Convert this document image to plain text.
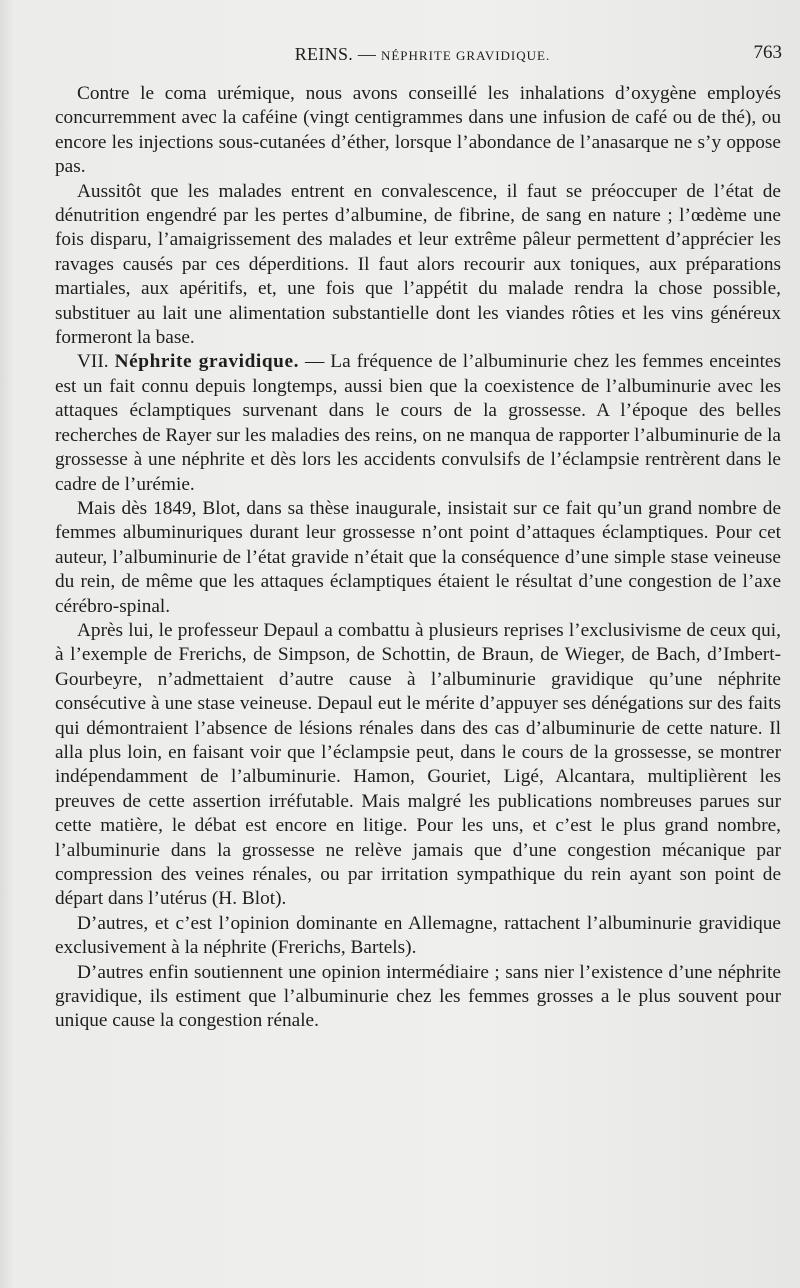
REINS. — NÉPHRITE GRAVIDIQUE.	763

Contre le coma urémique, nous avons conseillé les inhalations d’oxygène employés concurremment avec la caféine (vingt centigrammes dans une infusion de café ou de thé), ou encore les injections sous-cutanées d’éther, lorsque l’abondance de l’anasarque ne s’y oppose pas.

Aussitôt que les malades entrent en convalescence, il faut se préoccuper de l’état de dénutrition engendré par les pertes d’albumine, de fibrine, de sang en nature ; l’œdème une fois disparu, l’amaigrissement des malades et leur extrême pâleur permettent d’apprécier les ravages causés par ces déperditions. Il faut alors recourir aux toniques, aux préparations martiales, aux apéritifs, et, une fois que l’appétit du malade rendra la chose possible, substituer au lait une alimentation substantielle dont les viandes rôties et les vins généreux formeront la base.

VII. Néphrite gravidique. — La fréquence de l’albuminurie chez les femmes enceintes est un fait connu depuis longtemps, aussi bien que la coexistence de l’albuminurie avec les attaques éclamptiques survenant dans le cours de la grossesse. A l’époque des belles recherches de Rayer sur les maladies des reins, on ne manqua de rapporter l’albuminurie de la grossesse à une néphrite et dès lors les accidents convulsifs de l’éclampsie rentrèrent dans le cadre de l’urémie.

Mais dès 1849, Blot, dans sa thèse inaugurale, insistait sur ce fait qu’un grand nombre de femmes albuminuriques durant leur grossesse n’ont point d’attaques éclamptiques. Pour cet auteur, l’albuminurie de l’état gravide n’était que la conséquence d’une simple stase veineuse du rein, de même que les attaques éclamptiques étaient le résultat d’une congestion de l’axe cérébro-spinal.

Après lui, le professeur Depaul a combattu à plusieurs reprises l’exclusivisme de ceux qui, à l’exemple de Frerichs, de Simpson, de Schottin, de Braun, de Wieger, de Bach, d’Imbert-Gourbeyre, n’admettaient d’autre cause à l’albuminurie gravidique qu’une néphrite consécutive à une stase veineuse. Depaul eut le mérite d’appuyer ses dénégations sur des faits qui démontraient l’absence de lésions rénales dans des cas d’albuminurie de cette nature. Il alla plus loin, en faisant voir que l’éclampsie peut, dans le cours de la grossesse, se montrer indépendamment de l’albuminurie. Hamon, Gouriet, Ligé, Alcantara, multiplièrent les preuves de cette assertion irréfutable. Mais malgré les publications nombreuses parues sur cette matière, le débat est encore en litige. Pour les uns, et c’est le plus grand nombre, l’albuminurie dans la grossesse ne relève jamais que d’une congestion mécanique par compression des veines rénales, ou par irritation sympathique du rein ayant son point de départ dans l’utérus (H. Blot).

D’autres, et c’est l’opinion dominante en Allemagne, rattachent l’albuminurie gravidique exclusivement à la néphrite (Frerichs, Bartels).

D’autres enfin soutiennent une opinion intermédiaire ; sans nier l’existence d’une néphrite gravidique, ils estiment que l’albuminurie chez les femmes grosses a le plus souvent pour unique cause la congestion rénale.
